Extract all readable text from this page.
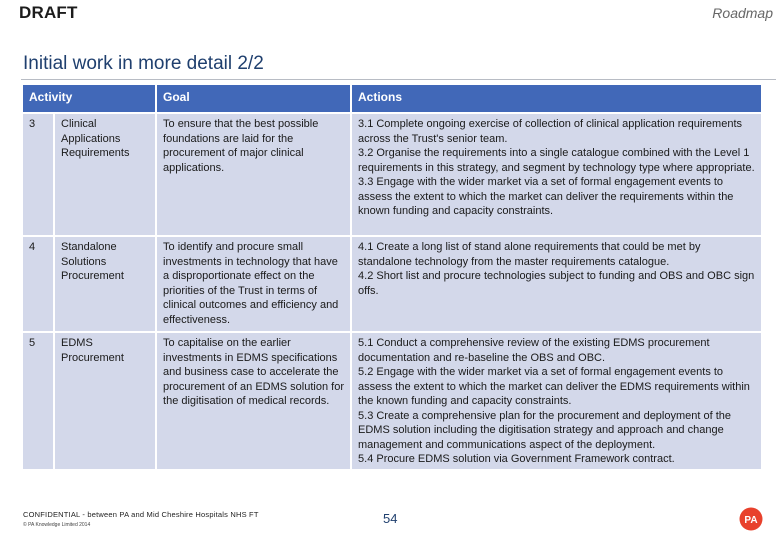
DRAFT	Roadmap
Initial work in more detail 2/2
Activity		Goal	Actions
3	Clinical Applications Requirements	To ensure that the best possible foundations are laid for the procurement of major clinical applications.	3.1 Complete ongoing exercise of collection of clinical application requirements across the Trust's senior team.
3.2 Organise the requirements into a single catalogue combined with the Level 1 requirements in this strategy, and segment by technology type where appropriate.
3.3 Engage with the wider market via a set of formal engagement events to assess the extent to which the market can deliver the requirements within the known funding and capacity constraints.

4	Standalone Solutions Procurement	To identify and procure small investments in technology that have a disproportionate effect on the priorities of the Trust in terms of clinical outcomes and efficiency and effectiveness.	4.1 Create a long list of stand alone requirements that could be met by standalone technology from the master requirements catalogue.
4.2 Short list and procure technologies subject to funding and OBS and OBC sign offs.

5	EDMS Procurement	To capitalise on the earlier investments in EDMS specifications and business case to accelerate the procurement of an EDMS solution for the digitisation of medical records.	5.1 Conduct a comprehensive review of the existing EDMS procurement documentation and re-baseline the OBS and OBC.
5.2 Engage with the wider market via a set of formal engagement events to assess the extent to which the market can deliver the EDMS requirements within the known funding and capacity constraints.
5.3 Create a comprehensive plan for the procurement and deployment of the EDMS solution including the digitisation strategy and approach and change management and communications aspect of the deployment.
5.4 Procure EDMS solution via Government Framework contract.
CONFIDENTIAL - between PA and Mid Cheshire Hospitals NHS FT
© PA Knowledge Limited 2014	54	PA
